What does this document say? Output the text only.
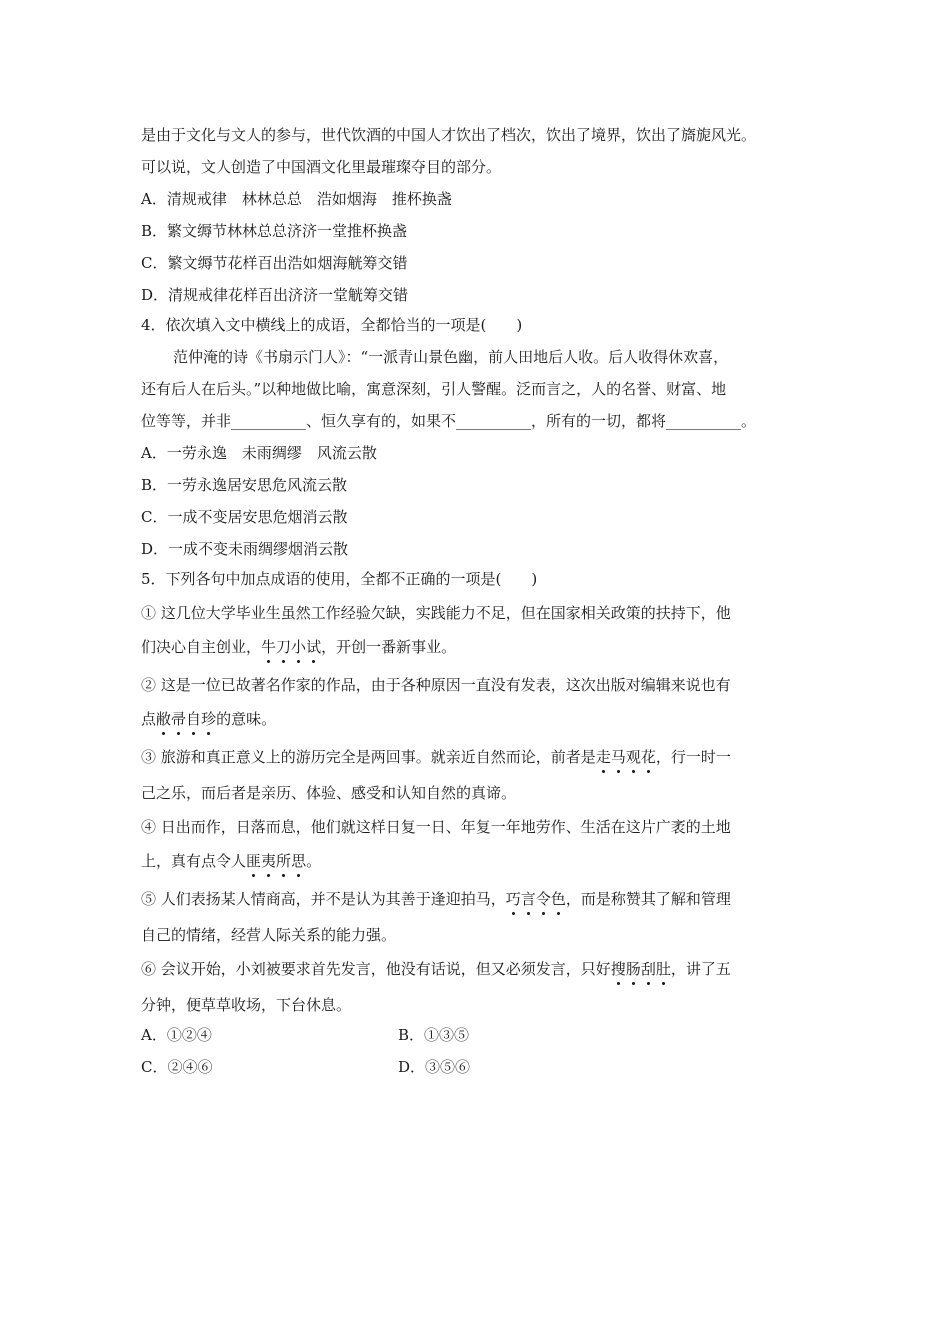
是由于文化与文人的参与，世代饮酒的中国人才饮出了档次，饮出了境界，饮出了旖旎风光。
可以说，文人创造了中国酒文化里最璀璨夺目的部分。
A．清规戒律　林林总总　浩如烟海　推杯换盏
B．繁文缛节林林总总济济一堂推杯换盏
C．繁文缛节花样百出浩如烟海觥筹交错
D．清规戒律花样百出济济一堂觥筹交错
4．依次填入文中横线上的成语，全都恰当的一项是(　　)
范仲淹的诗《书扇示门人》：“一派青山景色幽，前人田地后人收。后人收得休欢喜，
还有后人在后头。”以种地做比喻，寓意深刻，引人警醒。泛而言之，人的名誉、财富、地
位等等，并非__________、恒久享有的，如果不__________，所有的一切，都将__________。
A．一劳永逸　未雨绸缪　风流云散
B．一劳永逸居安思危风流云散
C．一成不变居安思危烟消云散
D．一成不变未雨绸缪烟消云散
5．下列各句中加点成语的使用，全都不正确的一项是(　　)
① 这几位大学毕业生虽然工作经验欠缺，实践能力不足，但在国家相关政策的扶持下，他
们决心自主创业，牛刀小试，开创一番新事业。
② 这是一位已故著名作家的作品，由于各种原因一直没有发表，这次出版对编辑来说也有
点敝帚自珍的意味。
③ 旅游和真正意义上的游历完全是两回事。就亲近自然而论，前者是走马观花，行一时一
己之乐，而后者是亲历、体验、感受和认知自然的真谛。
④ 日出而作，日落而息，他们就这样日复一日、年复一年地劳作、生活在这片广袤的土地
上，真有点令人匪夷所思。
⑤ 人们表扬某人情商高，并不是认为其善于逢迎拍马，巧言令色，而是称赞其了解和管理
自己的情绪，经营人际关系的能力强。
⑥ 会议开始，小刘被要求首先发言，他没有话说，但又必须发言，只好搜肠刮肚，讲了五
分钟，便草草收场，下台休息。
A．①②④	B．①③⑤
C．②④⑥	D．③⑤⑥
